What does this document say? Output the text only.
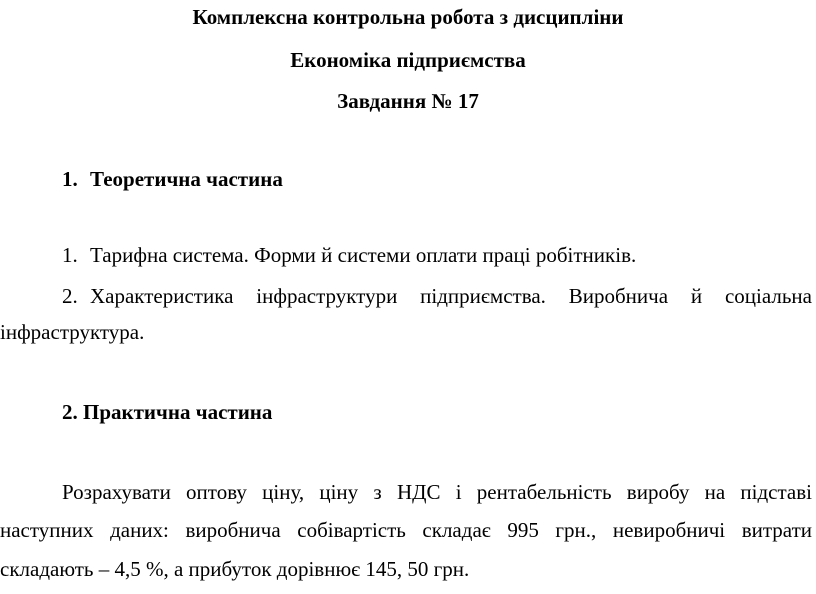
Комплексна контрольна робота з дисципліни
Економіка підприємства
Завдання № 17
1. Теоретична частина
1. Тарифна система. Форми й системи оплати праці робітників.
2. Характеристика інфраструктури підприємства. Виробнича й соціальна
інфраструктура.
2. Практична частина
Розрахувати оптову ціну, ціну з НДС і рентабельність виробу на підставі
наступних даних: виробнича собівартість складає 995 грн., невиробничі витрати
складають – 4,5 %, а прибуток дорівнює 145, 50 грн.
